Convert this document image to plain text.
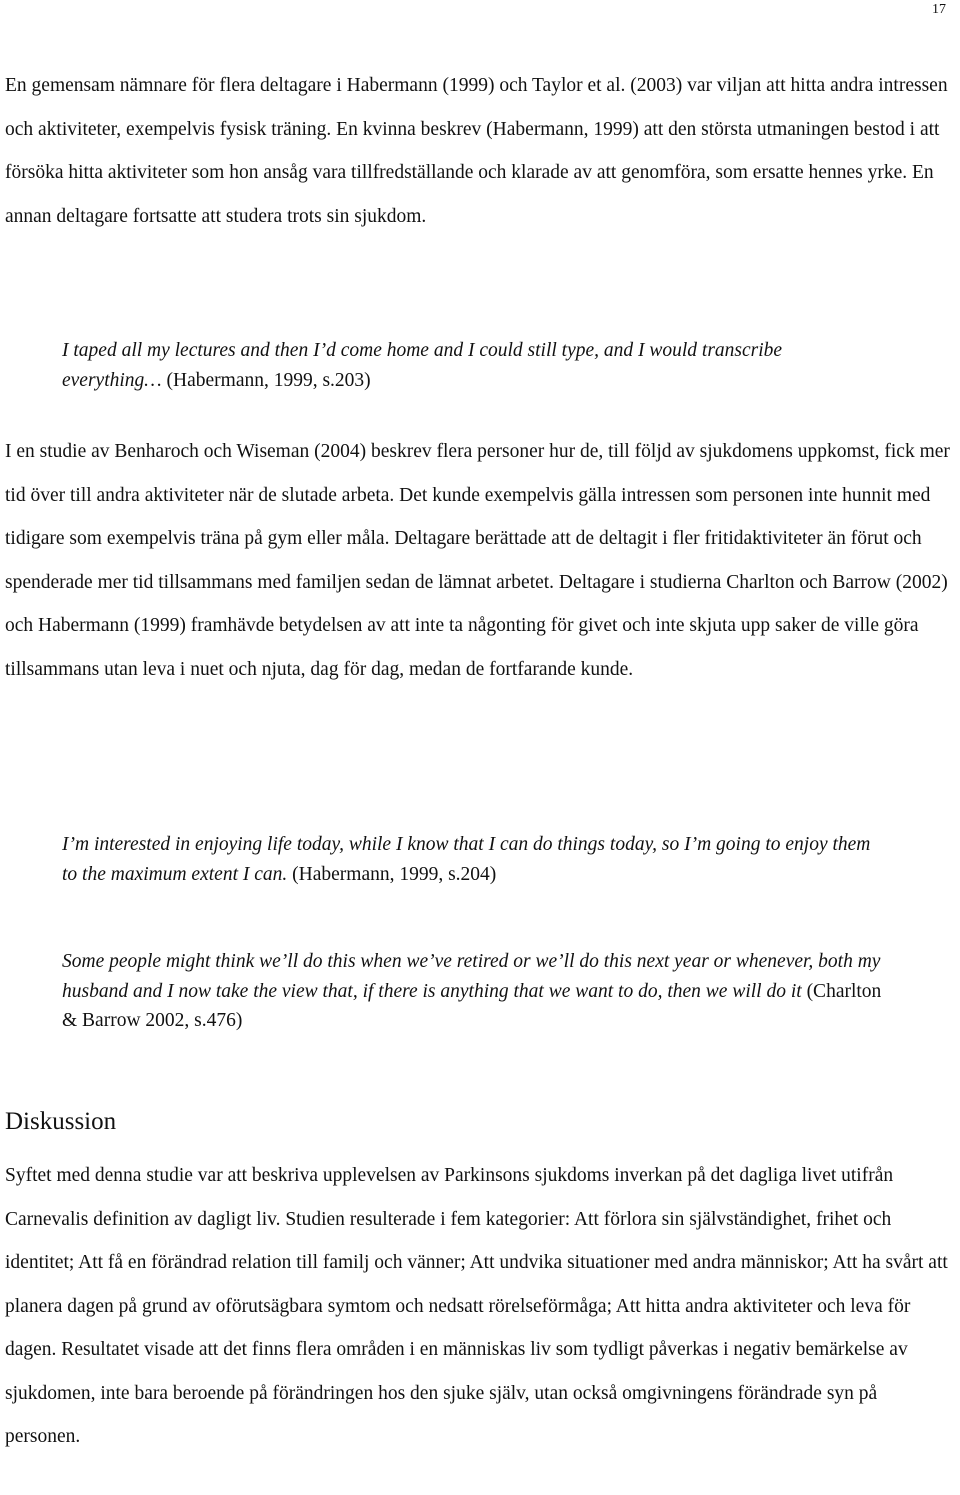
17

En gemensam nämnare för flera deltagare i Habermann (1999) och Taylor et al. (2003) var viljan att hitta andra intressen och aktiviteter, exempelvis fysisk träning. En kvinna beskrev (Habermann, 1999) att den största utmaningen bestod i att försöka hitta aktiviteter som hon ansåg vara tillfredställande och klarade av att genomföra, som ersatte hennes yrke. En annan deltagare fortsatte att studera trots sin sjukdom.

I taped all my lectures and then I’d come home and I could still type, and I would transcribe everything… (Habermann, 1999, s.203)

I en studie av Benharoch och Wiseman (2004) beskrev flera personer hur de, till följd av sjukdomens uppkomst, fick mer tid över till andra aktiviteter när de slutade arbeta. Det kunde exempelvis gälla intressen som personen inte hunnit med tidigare som exempelvis träna på gym eller måla. Deltagare berättade att de deltagit i fler fritidaktiviteter än förut och spenderade mer tid tillsammans med familjen sedan de lämnat arbetet. Deltagare i studierna Charlton och Barrow (2002) och Habermann (1999) framhävde betydelsen av att inte ta någonting för givet och inte skjuta upp saker de ville göra tillsammans utan leva i nuet och njuta, dag för dag, medan de fortfarande kunde.

I’m interested in enjoying life today, while I know that I can do things today, so I’m going to enjoy them to the maximum extent I can. (Habermann, 1999, s.204)

Some people might think we’ll do this when we’ve retired or we’ll do this next year or whenever, both my husband and I now take the view that, if there is anything that we want to do, then we will do it (Charlton & Barrow 2002, s.476)

Diskussion

Syftet med denna studie var att beskriva upplevelsen av Parkinsons sjukdoms inverkan på det dagliga livet utifrån Carnevalis definition av dagligt liv. Studien resulterade i fem kategorier: Att förlora sin självständighet, frihet och identitet; Att få en förändrad relation till familj och vänner; Att undvika situationer med andra människor; Att ha svårt att planera dagen på grund av oförutsägbara symtom och nedsatt rörelseförmåga; Att hitta andra aktiviteter och leva för dagen. Resultatet visade att det finns flera områden i en människas liv som tydligt påverkas i negativ bemärkelse av sjukdomen, inte bara beroende på förändringen hos den sjuke själv, utan också omgivningens förändrade syn på personen.
